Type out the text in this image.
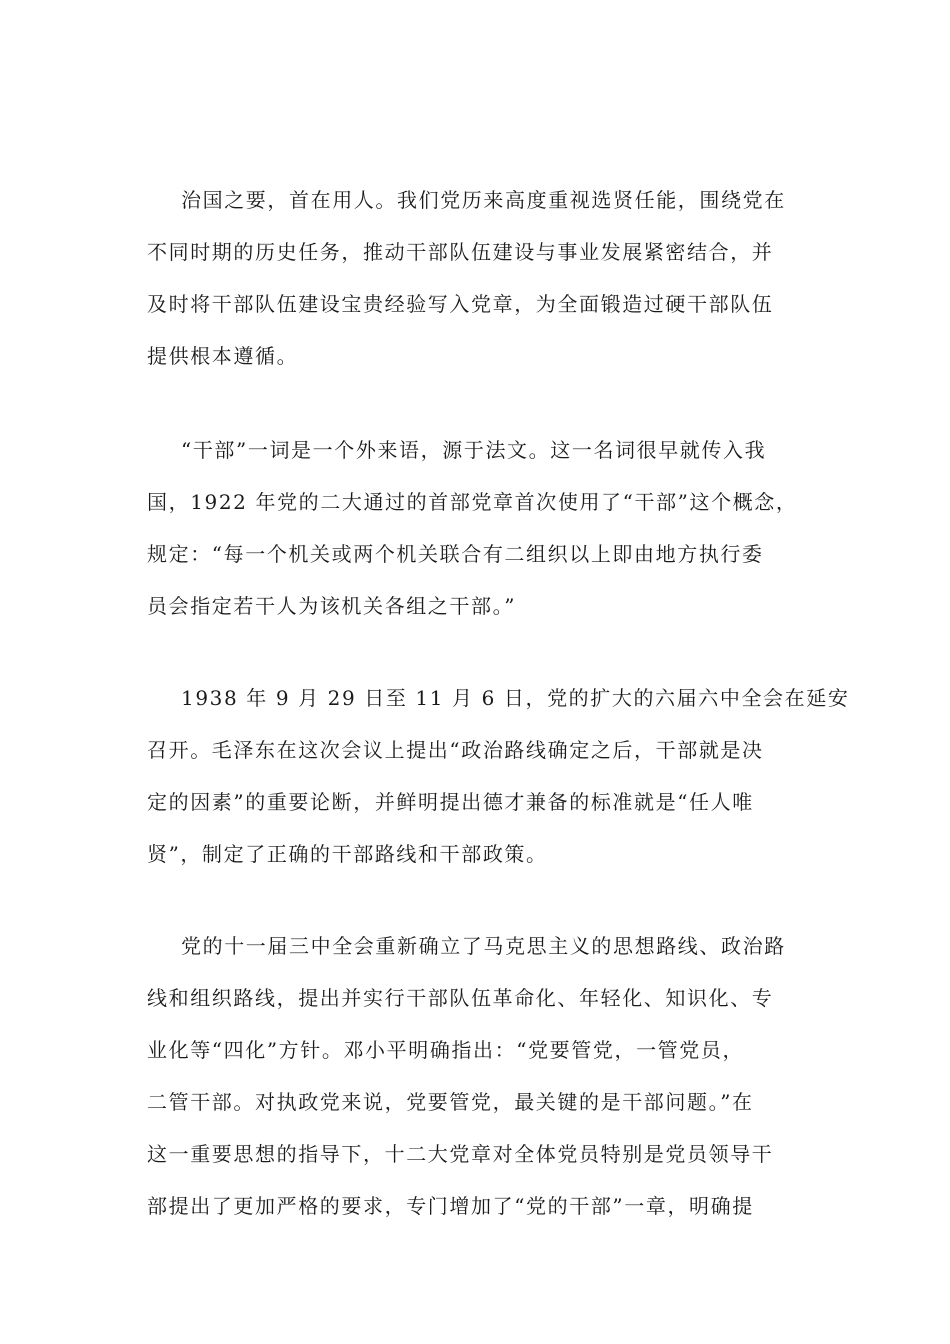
治国之要，首在用人。我们党历来高度重视选贤任能，围绕党在
不同时期的历史任务，推动干部队伍建设与事业发展紧密结合，并
及时将干部队伍建设宝贵经验写入党章，为全面锻造过硬干部队伍
提供根本遵循。
“干部”一词是一个外来语，源于法文。这一名词很早就传入我
国，1922 年党的二大通过的首部党章首次使用了“干部”这个概念，
规定：“每一个机关或两个机关联合有二组织以上即由地方执行委
员会指定若干人为该机关各组之干部。”
1938 年 9 月 29 日至 11 月 6 日，党的扩大的六届六中全会在延安
召开。毛泽东在这次会议上提出“政治路线确定之后，干部就是决
定的因素”的重要论断，并鲜明提出德才兼备的标准就是“任人唯
贤”，制定了正确的干部路线和干部政策。
党的十一届三中全会重新确立了马克思主义的思想路线、政治路
线和组织路线，提出并实行干部队伍革命化、年轻化、知识化、专
业化等“四化”方针。邓小平明确指出：“党要管党，一管党员，
二管干部。对执政党来说，党要管党，最关键的是干部问题。”在
这一重要思想的指导下，十二大党章对全体党员特别是党员领导干
部提出了更加严格的要求，专门增加了“党的干部”一章，明确提
